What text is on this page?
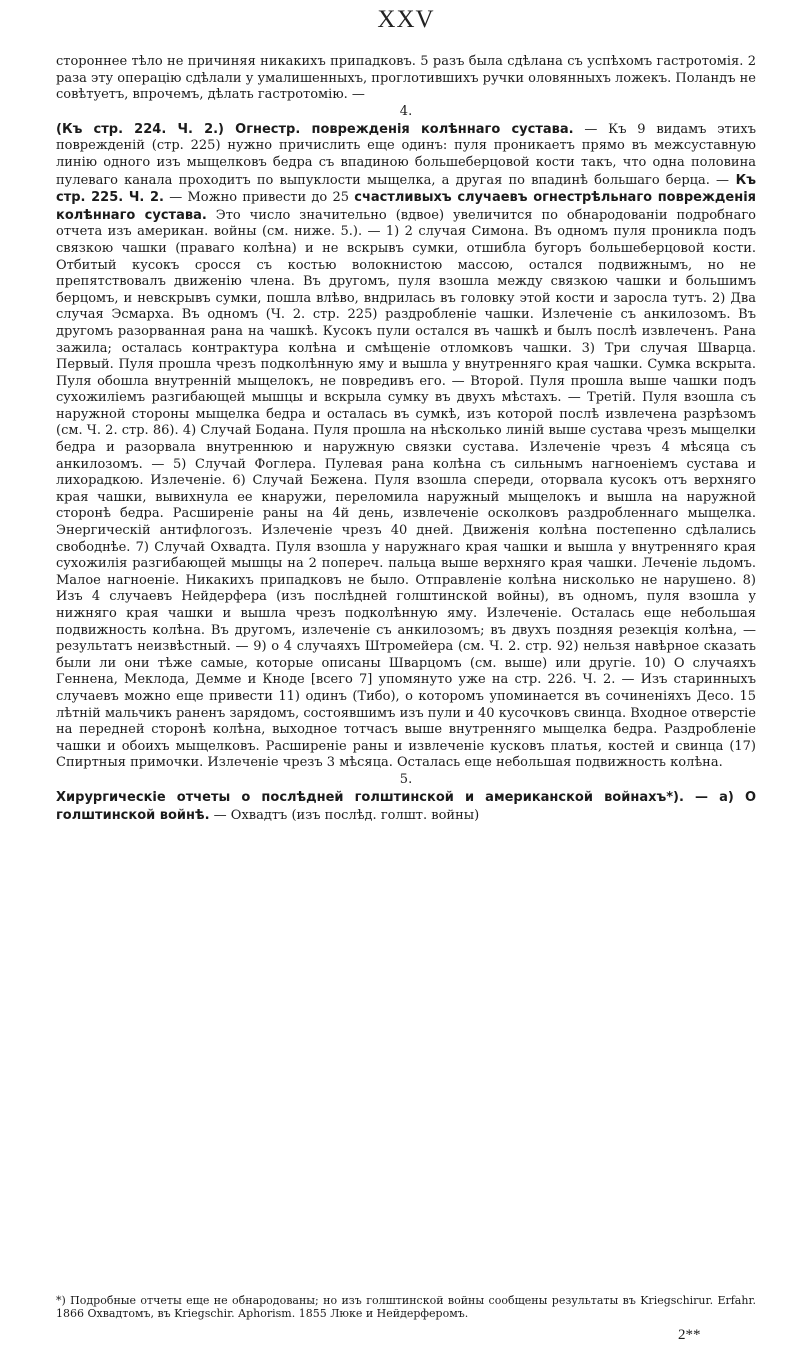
XXV

стороннее тѣло не причиняя никакихъ припадковъ. 5 разъ была сдѣлана съ успѣхомъ гастротомія. 2 раза эту операцію сдѣлали у умалишенныхъ, проглотившихъ ручки оловянныхъ ложекъ. Поландъ не совѣтуетъ, впрочемъ, дѣлать гастротомію. —

4.

(Къ стр. 224. Ч. 2.) Огнестр. поврежденія колѣннаго сустава. — Къ 9 видамъ этихъ поврежденій (стр. 225) нужно причислить еще одинъ: пуля проникаетъ прямо въ межсуставную линію одного изъ мыщелковъ бедра съ впадиною большеберцовой кости такъ, что одна половина пулеваго канала проходитъ по выпуклости мыщелка, а другая по впадинѣ большаго берца. — Къ стр. 225. Ч. 2. — Можно привести до 25 счастливыхъ случаевъ огнестрѣльнаго поврежденія колѣннаго сустава. Это число значительно (вдвое) увеличится по обнародованіи подробнаго отчета изъ американ. войны (см. ниже. 5.). — 1) 2 случая Симона. Въ одномъ пуля проникла подъ связкою чашки (праваго колѣна) и не вскрывъ сумки, отшибла бугоръ большеберцовой кости. Отбитый кусокъ сросся съ костью волокнистою массою, остался подвижнымъ, но не препятствовалъ движенію члена. Въ другомъ, пуля взошла между связкою чашки и большимъ берцомъ, и невскрывъ сумки, пошла влѣво, вндрилась въ головку этой кости и заросла тутъ. 2) Два случая Эсмарха. Въ одномъ (Ч. 2. стр. 225) раздробленіе чашки. Излеченіе съ анкилозомъ. Въ другомъ разорванная рана на чашкѣ. Кусокъ пули остался въ чашкѣ и былъ послѣ извлеченъ. Рана зажила; осталась контрактура колѣна и смѣщеніе отломковъ чашки. 3) Три случая Шварца. Первый. Пуля прошла чрезъ подколѣнную яму и вышла у внутренняго края чашки. Сумка вскрыта. Пуля обошла внутренній мыщелокъ, не повредивъ его. — Второй. Пуля прошла выше чашки подъ сухожиліемъ разгибающей мышцы и вскрыла сумку въ двухъ мѣстахъ. — Третій. Пуля взошла съ наружной стороны мыщелка бедра и осталась въ сумкѣ, изъ которой послѣ извлечена разрѣзомъ (см. Ч. 2. стр. 86). 4) Случай Бодана. Пуля прошла на нѣсколько линій выше сустава чрезъ мыщелки бедра и разорвала внутреннюю и наружную связки сустава. Излеченіе чрезъ 4 мѣсяца съ анкилозомъ. — 5) Случай Фоглера. Пулевая рана колѣна съ сильнымъ нагноеніемъ сустава и лихорадкою. Излеченіе. 6) Случай Бежена. Пуля взошла спереди, оторвала кусокъ отъ верхняго края чашки, вывихнула ее кнаружи, переломила наружный мыщелокъ и вышла на наружной сторонѣ бедра. Расширеніе раны на 4й день, извлеченіе осколковъ раздробленнаго мыщелка. Энергическій антифлогозъ. Излеченіе чрезъ 40 дней. Движенія колѣна постепенно сдѣлались свободнѣе. 7) Случай Охвадта. Пуля взошла у наружнаго края чашки и вышла у внутренняго края сухожилія разгибающей мышцы на 2 попереч. пальца выше верхняго края чашки. Леченіе льдомъ. Малое нагноеніе. Никакихъ припадковъ не было. Отправленіе колѣна нисколько не нарушено. 8) Изъ 4 случаевъ Нейдерфера (изъ послѣдней голштинской войны), въ одномъ, пуля взошла у нижняго края чашки и вышла чрезъ подколѣнную яму. Излеченіе. Осталась еще небольшая подвижность колѣна. Въ другомъ, излеченіе съ анкилозомъ; въ двухъ поздняя резекція колѣна, — результатъ неизвѣстный. — 9) о 4 случаяхъ Штромейера (см. Ч. 2. стр. 92) нельзя навѣрное сказать были ли они тѣже самые, которые описаны Шварцомъ (см. выше) или другіе. 10) О случаяхъ Геннена, Меклода, Демме и Кноде [всего 7] упомянуто уже на стр. 226. Ч. 2. — Изъ старинныхъ случаевъ можно еще привести 11) одинъ (Тибо), о которомъ упоминается въ сочиненіяхъ Десо. 15 лѣтній мальчикъ раненъ зарядомъ, состоявшимъ изъ пули и 40 кусочковъ свинца. Входное отверстіе на передней сторонѣ колѣна, выходное тотчасъ выше внутренняго мыщелка бедра. Раздробленіе чашки и обоихъ мыщелковъ. Расширеніе раны и извлеченіе кусковъ платья, костей и свинца (17) Спиртныя примочки. Излеченіе чрезъ 3 мѣсяца. Осталась еще небольшая подвижность колѣна.

5.

Хирургическіе отчеты о послѣдней голштинской и американской войнахъ*). — а) О голштинской войнѣ. — Охвадтъ (изъ послѣд. голшт. войны)

*) Подробные отчеты еще не обнародованы; но изъ голштинской войны сообщены результаты въ Kriegschirur. Erfahr. 1866 Охвадтомъ, въ Kriegschir. Aphorism. 1855 Люке и Нейдерферомъ.
2**
